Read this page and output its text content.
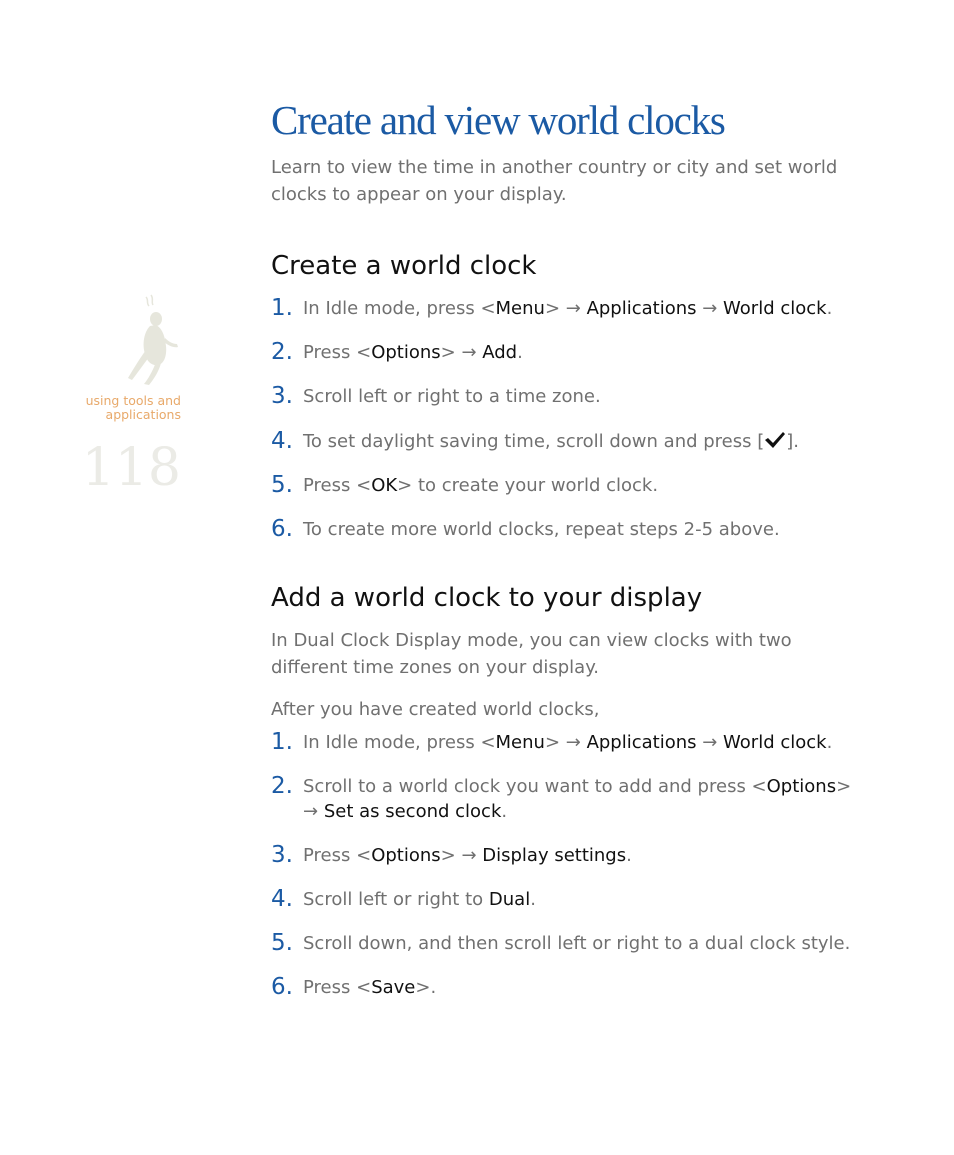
using tools and applications
118
Create and view world clocks

Learn to view the time in another country or city and set world clocks to appear on your display.

Create a world clock
1. In Idle mode, press <Menu> → Applications → World clock.
2. Press <Options> → Add.
3. Scroll left or right to a time zone.
4. To set daylight saving time, scroll down and press [ ].
5. Press <OK> to create your world clock.
6. To create more world clocks, repeat steps 2-5 above.
Add a world clock to your display

In Dual Clock Display mode, you can view clocks with two different time zones on your display.

After you have created world clocks,

1. In Idle mode, press <Menu> → Applications → World clock.
2. Scroll to a world clock you want to add and press <Options> → Set as second clock.
3. Press <Options> → Display settings.
4. Scroll left or right to Dual.
5. Scroll down, and then scroll left or right to a dual clock style.
6. Press <Save>.
